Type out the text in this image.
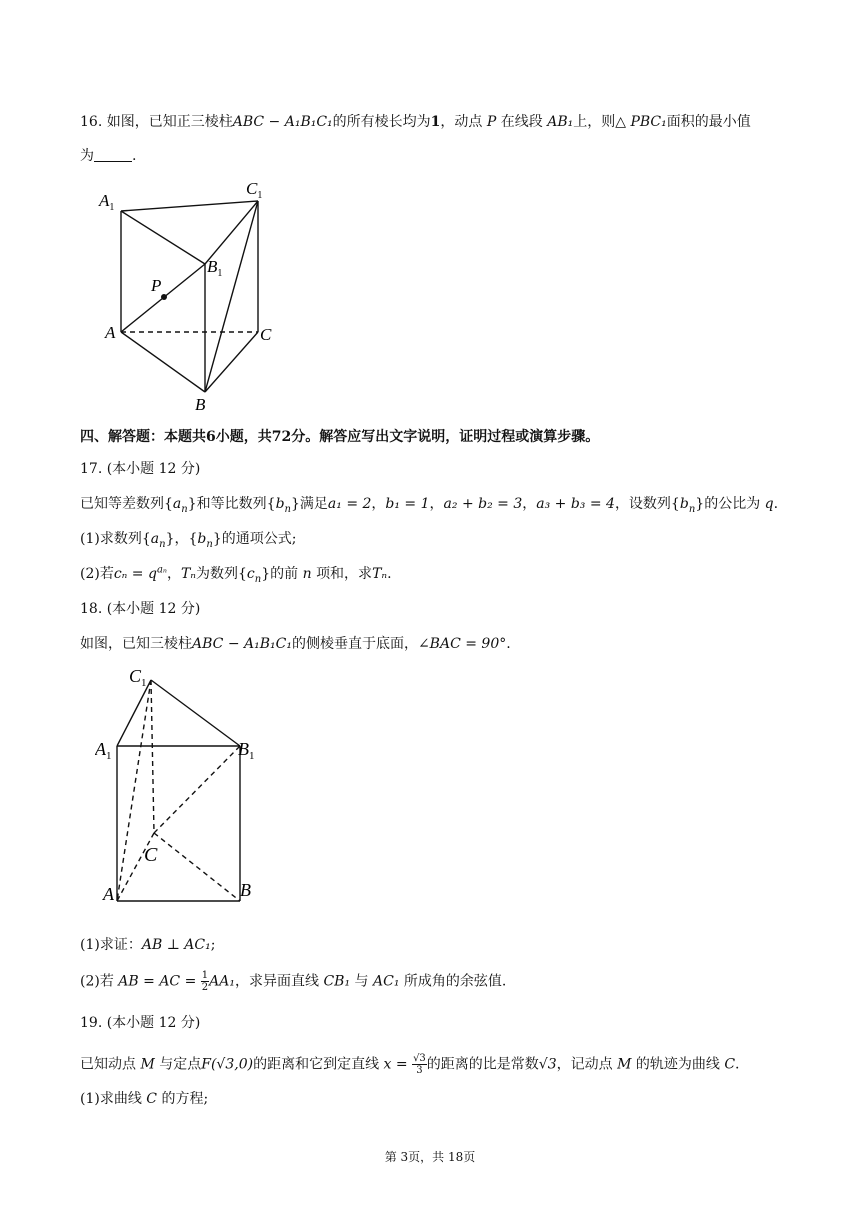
16. 如图，已知正三棱柱ABC − A₁B₁C₁的所有棱长均为1，动点 P 在线段 AB₁上，则△ PBC₁面积的最小值
为	.
$A_1$
$C_1$
$B_1$
P
A	C
B
四、解答题：本题共6小题，共72分。解答应写出文字说明，证明过程或演算步骤。
17. (本小题 12 分)
已知等差数列$\{a_n\}$和等比数列$\{b_n\}$满足a₁ = 2，b₁ = 1，a₂ + b₂ = 3，a₃ + b₃ = 4，设数列$\{b_n\}$的公比为 q.
(1)求数列$\{a_n\}$，$\{b_n\}$的通项公式;
(2)若$c_n = q^{a_n}$，Tₙ为数列$\{c_n\}$的前 n 项和，求Tₙ.
18. (本小题 12 分)
如图，已知三棱柱ABC − A₁B₁C₁的侧棱垂直于底面，∠BAC = 90°.
$C_1$
$A_1$	$B_1$
C
A	B
(1)求证：AB ⊥ AC₁;
(2)若 AB = AC = $\frac{1}{2} AA_1$，求异面直线 CB₁ 与 AC₁ 所成角的余弦值.
19. (本小题 12 分)
已知动点 M 与定点F(√3,0)的距离和它到定直线 $x = \frac{√3}{3}$ 的距离的比是常数√3，记动点 M 的轨迹为曲线 C.
(1)求曲线 C 的方程;
第 3页，共 18页
